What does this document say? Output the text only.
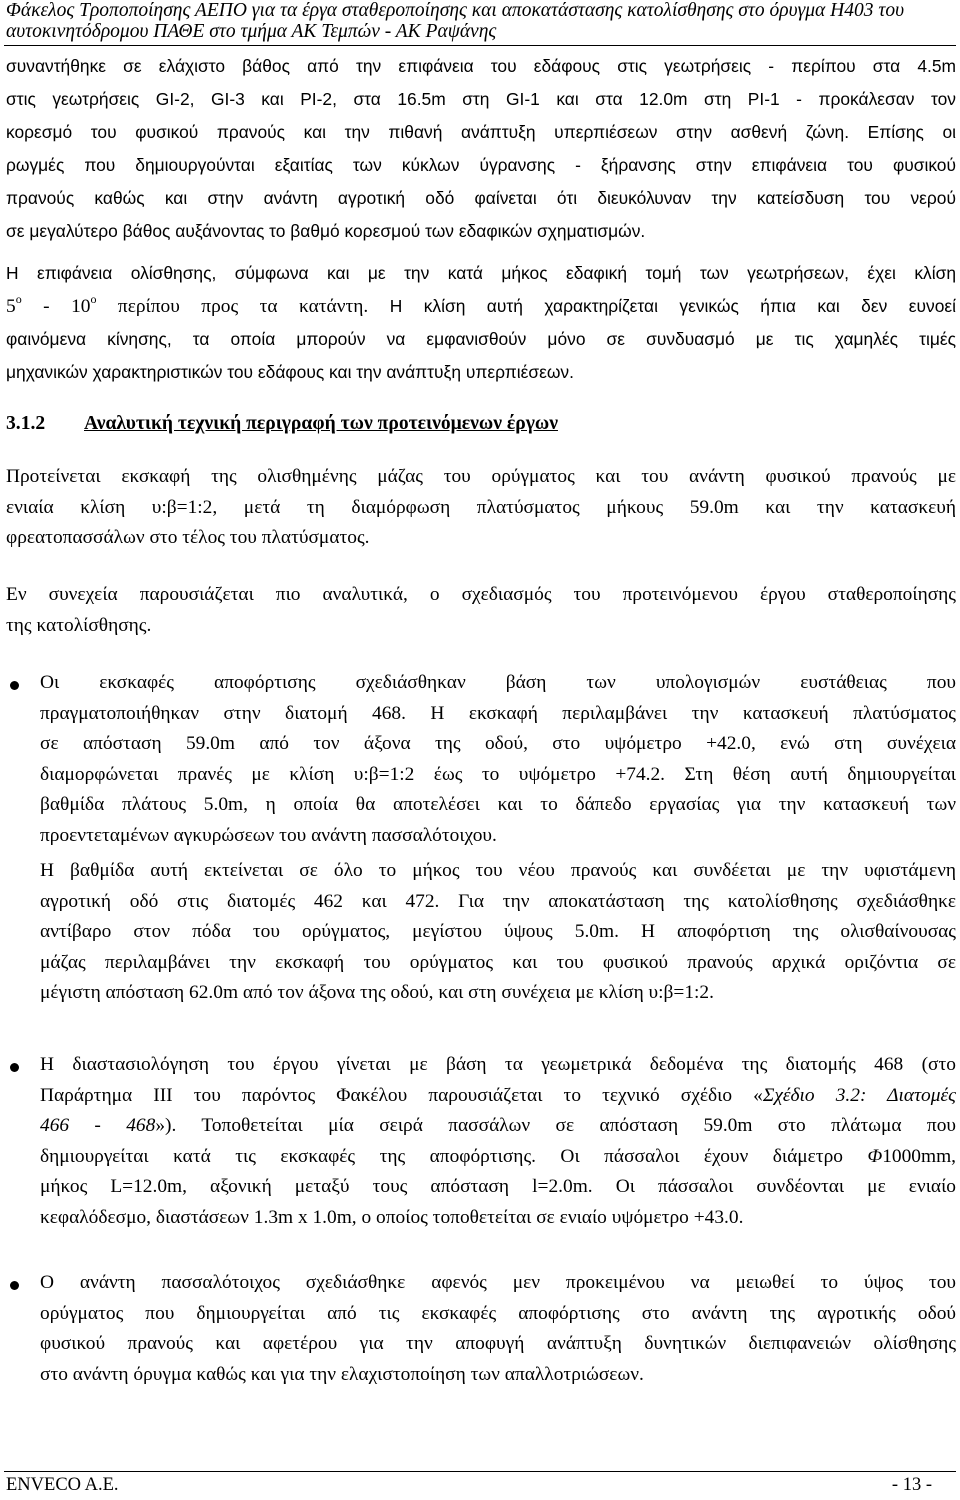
Φάκελος Τροποποίησης ΑΕΠΟ για τα έργα σταθεροποίησης και αποκατάστασης κατολίσθησης στο όρυγμα Η403 του
αυτοκινητόδρομου ΠΑΘΕ στο τμήμα ΑΚ Τεμπών - ΑΚ Ραψάνης
συναντήθηκε σε ελάχιστο βάθος από την επιφάνεια του εδάφους στις γεωτρήσεις - περίπου στα 4.5m
στις γεωτρήσεις GI-2, GI-3 και PI-2, στα 16.5m στη GI-1 και στα 12.0m στη PI-1 - προκάλεσαν τον
κορεσμό του φυσικού πρανούς και την πιθανή ανάπτυξη υπερπιέσεων στην ασθενή ζώνη. Επίσης οι
ρωγμές που δημιουργούνται εξαιτίας των κύκλων ύγρανσης - ξήρανσης στην επιφάνεια του φυσικού
πρανούς καθώς και στην ανάντη αγροτική οδό φαίνεται ότι διευκόλυναν την κατείσδυση του νερού
σε μεγαλύτερο βάθος αυξάνοντας το βαθμό κορεσμού των εδαφικών σχηματισμών.
Η επιφάνεια ολίσθησης, σύμφωνα και με την κατά μήκος εδαφική τομή των γεωτρήσεων, έχει κλίση
5$^o$ - 10$^o$ περίπου προς τα κατάντη. Η κλίση αυτή χαρακτηρίζεται γενικώς ήπια και δεν ευνοεί
φαινόμενα κίνησης, τα οποία μπορούν να εμφανισθούν μόνο σε συνδυασμό με τις χαμηλές τιμές
μηχανικών χαρακτηριστικών του εδάφους και την ανάπτυξη υπερπιέσεων.
3.1.2 Αναλυτική τεχνική περιγραφή των προτεινόμενων έργων
Προτείνεται εκσκαφή της ολισθημένης μάζας του ορύγματος και του ανάντη φυσικού πρανούς με
ενιαία κλίση υ:β=1:2, μετά τη διαμόρφωση πλατύσματος μήκους 59.0m και την κατασκευή
φρεατοπασσάλων στο τέλος του πλατύσματος.
Εν συνεχεία παρουσιάζεται πιο αναλυτικά, ο σχεδιασμός του προτεινόμενου έργου σταθεροποίησης
της κατολίσθησης.
Οι εκσκαφές αποφόρτισης σχεδιάσθηκαν βάση των υπολογισμών ευστάθειας που
πραγματοποιήθηκαν στην διατομή 468. Η εκσκαφή περιλαμβάνει την κατασκευή πλατύσματος
σε απόσταση 59.0m από τον άξονα της οδού, στο υψόμετρο +42.0, ενώ στη συνέχεια
διαμορφώνεται πρανές με κλίση υ:β=1:2 έως το υψόμετρο +74.2. Στη θέση αυτή δημιουργείται
βαθμίδα πλάτους 5.0m, η οποία θα αποτελέσει και το δάπεδο εργασίας για την κατασκευή των
προεντεταμένων αγκυρώσεων του ανάντη πασσαλότοιχου.
Η βαθμίδα αυτή εκτείνεται σε όλο το μήκος του νέου πρανούς και συνδέεται με την υφιστάμενη
αγροτική οδό στις διατομές 462 και 472. Για την αποκατάσταση της κατολίσθησης σχεδιάσθηκε
αντίβαρο στον πόδα του ορύγματος, μεγίστου ύψους 5.0m. Η αποφόρτιση της ολισθαίνουσας
μάζας περιλαμβάνει την εκσκαφή του ορύγματος και του φυσικού πρανούς αρχικά οριζόντια σε
μέγιστη απόσταση 62.0m από τον άξονα της οδού, και στη συνέχεια με κλίση υ:β=1:2.
Η διαστασιολόγηση του έργου γίνεται με βάση τα γεωμετρικά δεδομένα της διατομής 468 (στο
Παράρτημα ΙΙΙ του παρόντος Φακέλου παρουσιάζεται το τεχνικό σχέδιο «Σχέδιο 3.2: Διατομές
466 - 468»). Τοποθετείται μία σειρά πασσάλων σε απόσταση 59.0m στο πλάτωμα που
δημιουργείται κατά τις εκσκαφές της αποφόρτισης. Οι πάσσαλοι έχουν διάμετρο Φ1000mm,
μήκος L=12.0m, αξονική μεταξύ τους απόσταση l=2.0m. Οι πάσσαλοι συνδέονται με ενιαίο
κεφαλόδεσμο, διαστάσεων 1.3m x 1.0m, ο οποίος τοποθετείται σε ενιαίο υψόμετρο +43.0.
Ο ανάντη πασσαλότοιχος σχεδιάσθηκε αφενός μεν προκειμένου να μειωθεί το ύψος του
ορύγματος που δημιουργείται από τις εκσκαφές αποφόρτισης στο ανάντη της αγροτικής οδού
φυσικού πρανούς και αφετέρου για την αποφυγή ανάπτυξη δυνητικών διεπιφανειών ολίσθησης
στο ανάντη όρυγμα καθώς και για την ελαχιστοποίηση των απαλλοτριώσεων.
ENVECO A.E.	- 13 -
